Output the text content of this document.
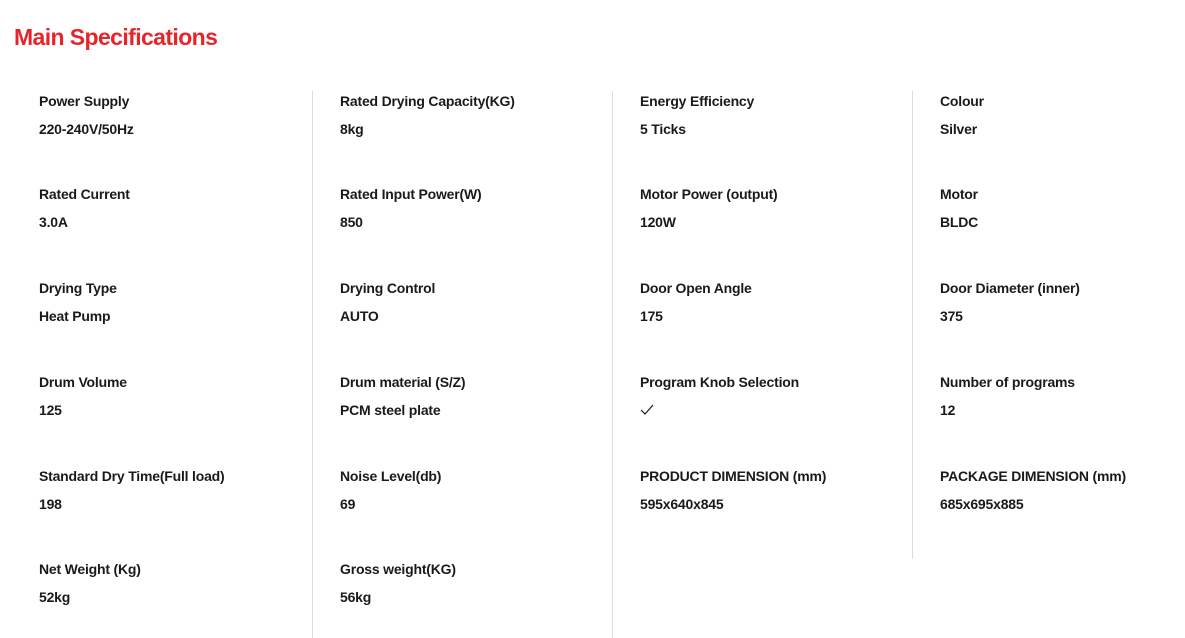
Main Specifications
Power Supply
220-240V/50Hz
Rated Current
3.0A
Drying Type
Heat Pump
Drum Volume
125
Standard Dry Time(Full load)
198
Net Weight (Kg)
52kg
Rated Drying Capacity(KG)
8kg
Rated Input Power(W)
850
Drying Control
AUTO
Drum material (S/Z)
PCM steel plate
Noise Level(db)
69
Gross weight(KG)
56kg
Energy Efficiency
5 Ticks
Motor Power (output)
120W
Door Open Angle
175
Program Knob Selection
PRODUCT DIMENSION (mm)
595x640x845
Colour
Silver
Motor
BLDC
Door Diameter (inner)
375
Number of programs
12
PACKAGE DIMENSION (mm)
685x695x885
